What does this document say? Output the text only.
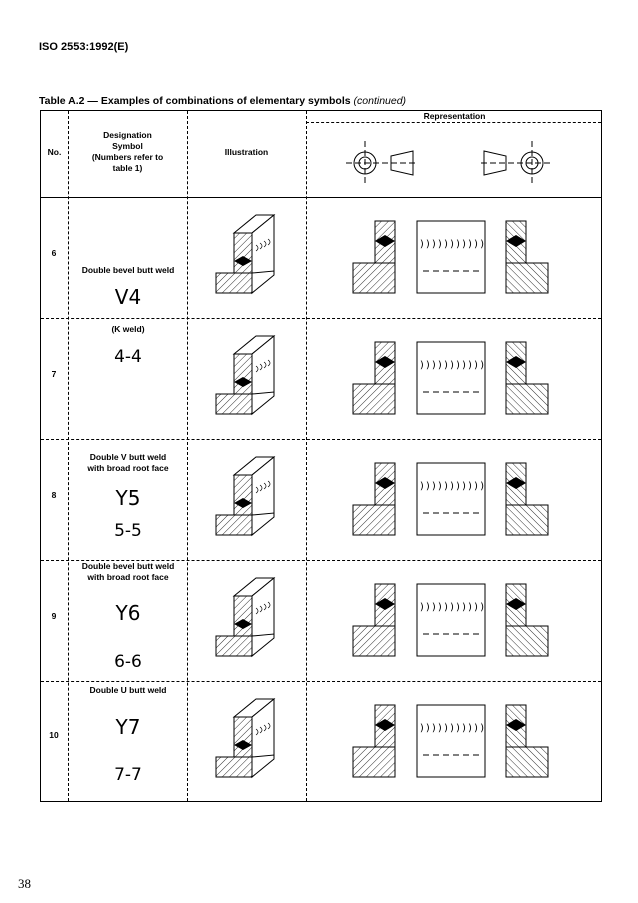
ISO 2553:1992(E)
Table A.2 — Examples of combinations of elementary symbols (continued)
No.
Designation
Symbol
(Numbers refer to
table 1)
Illustration
Representation
6
Double bevel butt weld
V4
(K weld)
4-4
7
8
Double V butt weld
with broad root face
Y5
5-5
9
Double bevel butt weld
with broad root face
Y6
6-6
Double U butt weld
10	Y7
7-7
38
)))))))))))
